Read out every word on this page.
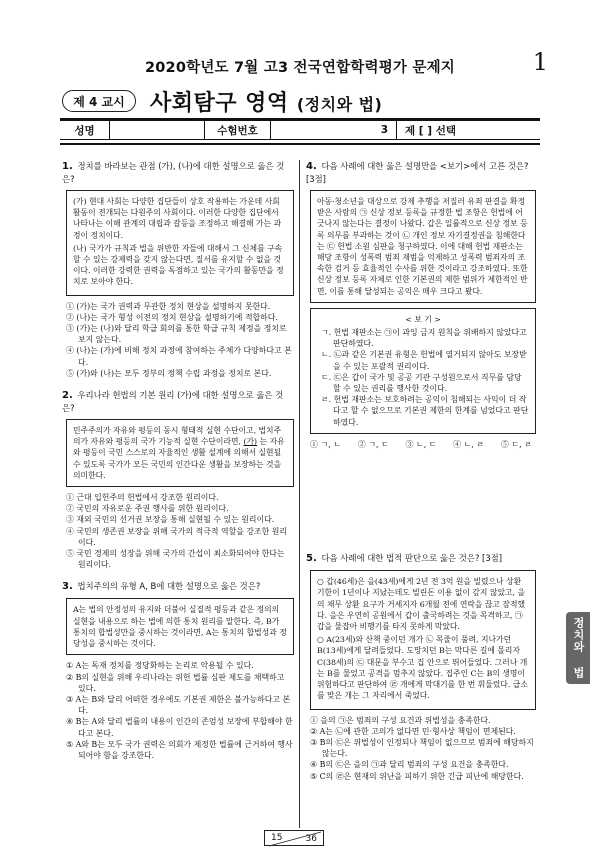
2020학년도 7월 고3 전국연합학력평가 문제지	1
제 4 교시	사회탐구 영역 (정치와 법)
성명	수험번호	3	제 [ ] 선택
1. 정치를 바라보는 관점 (가), (나)에 대한 설명으로 옳은 것은?

(가) 현대 사회는 다양한 집단들이 상호 작용하는 가운데 사회 활동이 전개되는 다원주의 사회이다. 이러한 다양한 집단에서 나타나는 이해 관계의 대립과 갈등을 조정하고 해결해 가는 과정이 정치이다.

(나) 국가가 규칙과 법을 위반한 자들에 대해서 그 신체를 구속할 수 있는 강제력을 갖지 않는다면, 질서를 유지할 수 없을 것이다. 이러한 강력한 권력을 독점하고 있는 국가의 활동만을 정치로 보아야 한다.

① (가)는 국가 권력과 무관한 정치 현상을 설명하지 못한다.
② (나)는 국가 형성 이전의 정치 현상을 설명하기에 적합하다.
③ (가)는 (나)와 달리 학급 회의를 통한 학급 규칙 제정을 정치로 보지 않는다.
④ (나)는 (가)에 비해 정치 과정에 참여하는 주체가 다양하다고 본다.
⑤ (가)와 (나)는 모두 정부의 정책 수립 과정을 정치로 본다.
2. 우리나라 헌법의 기본 원리 (가)에 대한 설명으로 옳은 것은?
민주주의가 자유와 평등의 동시 형태적 실현 수단이고, 법치주의가 자유와 평등의 국가 기능적 실현 수단이라면, (가) 는 자유와 평등이 국민 스스로의 자율적인 생활 설계에 의해서 실현될 수 있도록 국가가 모든 국민의 인간다운 생활을 보장하는 것을 의미한다.
① 근대 입헌주의 헌법에서 강조한 원리이다.
② 국민의 자유로운 주권 행사를 위한 원리이다.
③ 재외 국민의 선거권 보장을 통해 실현될 수 있는 원리이다.
④ 국민의 생존권 보장을 위해 국가의 적극적 역할을 강조한 원리이다.
⑤ 국민 경제의 성장을 위해 국가의 간섭이 최소화되어야 한다는 원리이다.
3. 법치주의의 유형 A, B에 대한 설명으로 옳은 것은?
A는 법의 안정성의 유지와 더불어 실질적 평등과 같은 정의의 실현을 내용으로 하는 법에 의한 통치 원리를 말한다. 즉, B가 통치의 합법성만을 중시하는 것이라면, A는 통치의 합법성과 정당성을 중시하는 것이다.
① A는 독재 정치를 정당화하는 논리로 악용될 수 있다.
② B의 실현을 위해 우리나라는 위헌 법률 심판 제도를 채택하고 있다.
③ A는 B와 달리 어떠한 경우에도 기본권 제한은 불가능하다고 본다.
④ B는 A와 달리 법률의 내용이 인간의 존엄성 보장에 부합해야 한다고 본다.
⑤ A와 B는 모두 국가 권력은 의회가 제정한 법률에 근거하여 행사되어야 함을 강조한다.
4. 다음 사례에 대한 옳은 설명만을 <보기>에서 고른 것은? [3점]
아동·청소년을 대상으로 강제 추행을 저질러 유죄 판결을 확정 받은 사람의 ㉠ 신상 정보 등록을 규정한 법 조항은 헌법에 어긋나지 않는다는 결정이 나왔다. 갑은 일률적으로 신상 정보 등록 의무를 부과하는 것이 ㉡ 개인 정보 자기결정권을 침해한다는 ㉢ 헌법 소원 심판을 청구하였다. 이에 대해 헌법 재판소는 해당 조항이 성폭력 범죄 재범을 억제하고 성폭력 범죄자의 조속한 검거 등 효율적인 수사를 위한 것이라고 강조하였다. 또한 신상 정보 등록 자체로 인한 기본권의 제한 범위가 제한적인 반면, 이를 통해 달성되는 공익은 매우 크다고 봤다.
< 보 기 >
ㄱ. 헌법 재판소는 ㉠이 과잉 금지 원칙을 위배하지 않았다고 판단하였다.
ㄴ. ㉡과 같은 기본권 유형은 헌법에 열거되지 않아도 보장받을 수 있는 포괄적 권리이다.
ㄷ. ㉢은 갑이 국가 및 공공 기관 구성원으로서 직무를 담당할 수 있는 권리를 행사한 것이다.
ㄹ. 헌법 재판소는 보호하려는 공익이 침해되는 사익이 더 작다고 할 수 없으므로 기본권 제한의 한계를 넘었다고 판단하였다.
① ㄱ, ㄴ ② ㄱ, ㄷ ③ ㄴ, ㄷ ④ ㄴ, ㄹ ⑤ ㄷ, ㄹ
5. 다음 사례에 대한 법적 판단으로 옳은 것은? [3점]

○ 갑(46세)은 을(43세)에게 2년 전 3억 원을 빌렸으나 상환 기한이 1년이나 지났는데도 빌린돈 이용 없이 갚지 않았고, 을의 채무 상환 요구가 거세지자 6개월 전에 연락을 끊고 잠적했다. 을은 우연히 공원에서 갑이 출국하려는 것을 목격하고, ㉠ 갑을 물잡아 비행기를 타지 못하게 막았다.

○ A(23세)와 산책 중이던 개가 ㉡ 목줄이 풀려, 지나가던 B(13세)에게 달려들었다. 도망치던 B는 막다른 길에 몰리자 C(38세)의 ㉢ 대문을 부수고 집 안으로 뛰어들었다. 그러나 개는 B를 물었고 공격을 멈추지 않았다. 집주인 C는 B의 생명이 위험하다고 판단하여 ㉣ 개에게 막대기를 한 번 휘둘렀다. 급소를 맞은 개는 그 자리에서 죽었다.

① 을의 ㉠은 범죄의 구성 요건과 위법성을 충족한다.
② A는 ㉡에 관한 고의가 없다면 민·형사상 책임이 면제된다.
③ B의 ㉢은 위법성이 인정되나 책임이 없으므로 범죄에 해당하지 않는다.
④ B의 ㉢은 을의 ㉠과 달리 범죄의 구성 요건을 충족한다.
⑤ C의 ㉣은 현재의 위난을 피하기 위한 긴급 피난에 해당한다.
정치와 법
15	36
